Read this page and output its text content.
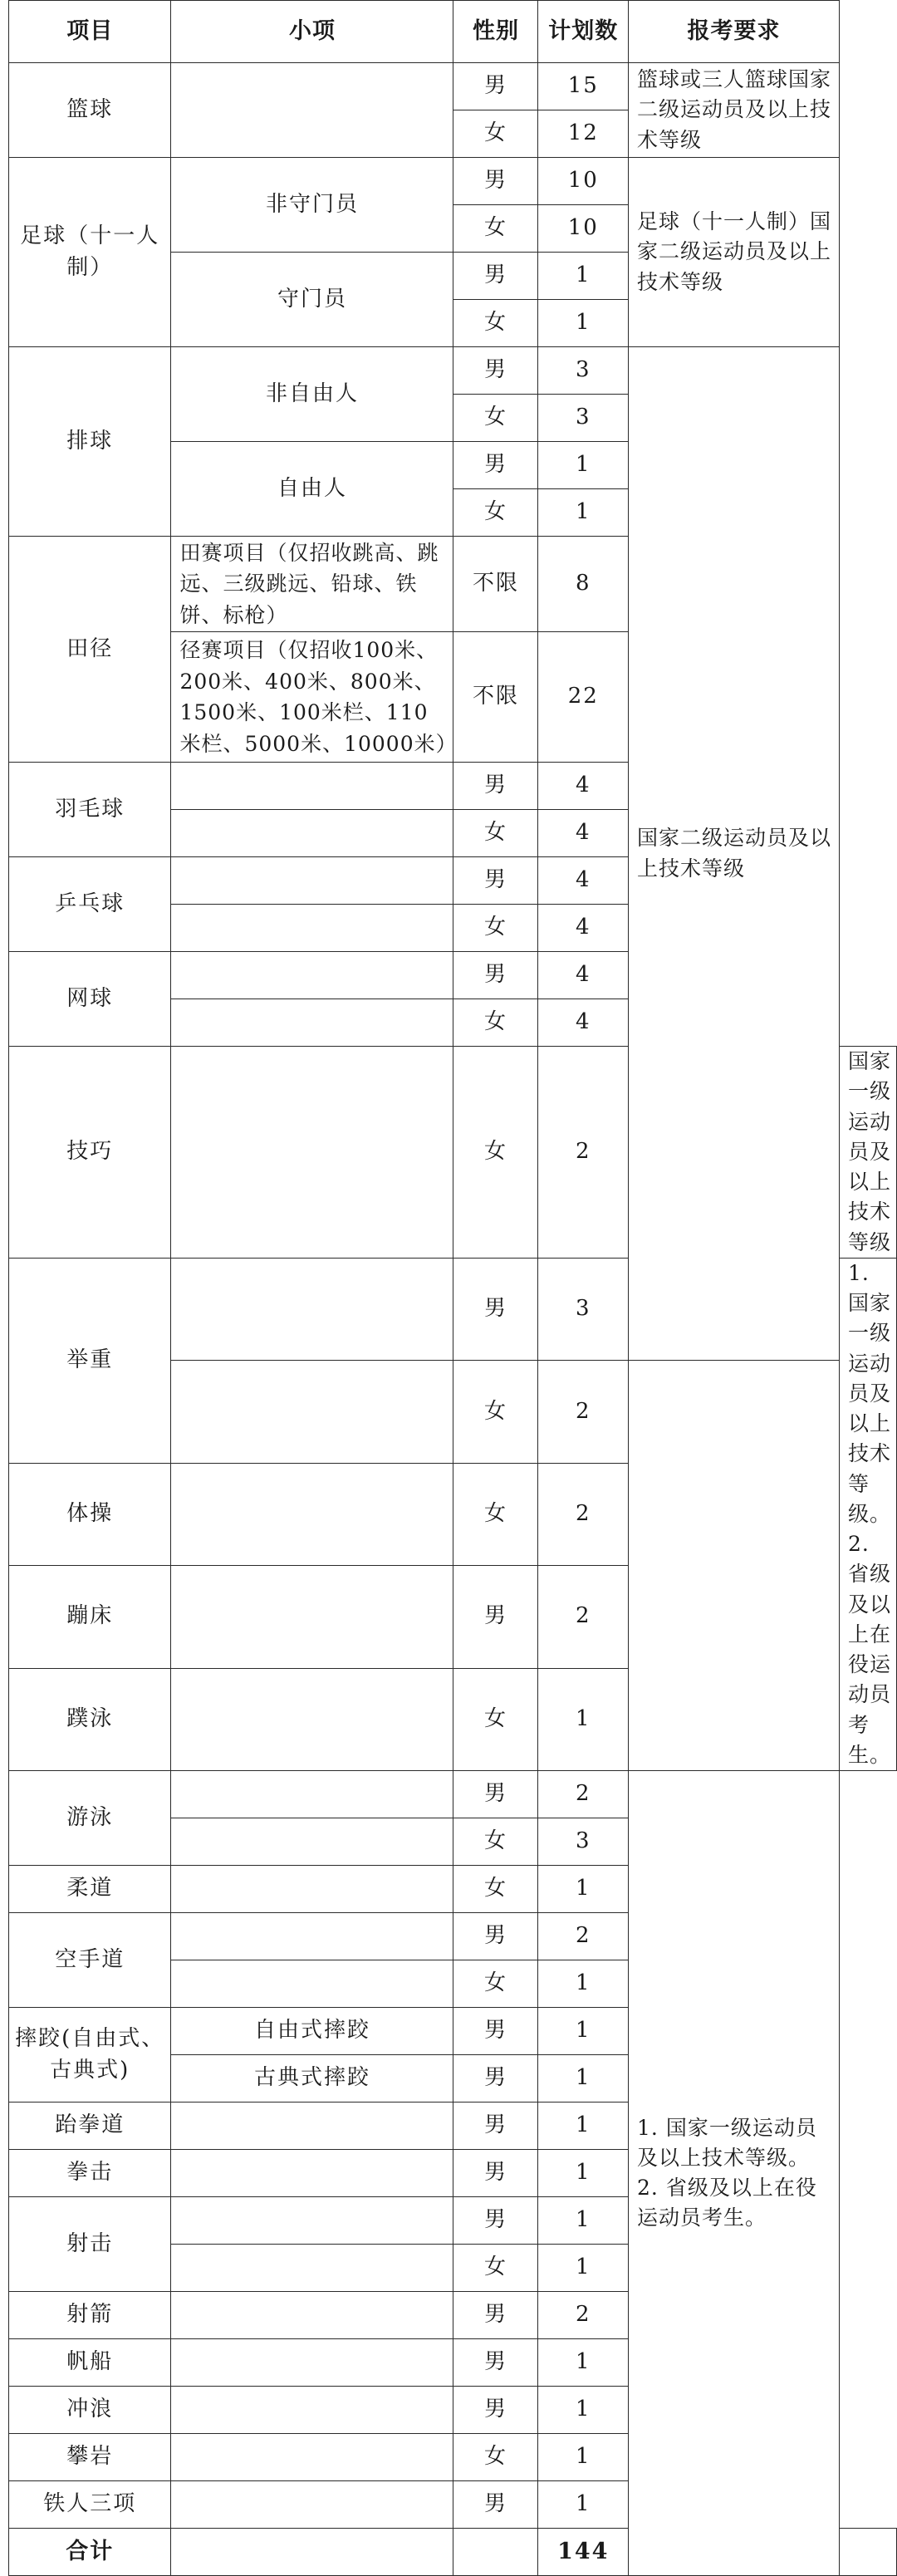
项目	小项	性别	计划数	报考要求	
篮球		男	15	篮球或三人篮球国家二级运动员及以上技术等级	
		女	12		
足球（十一人制）	非守门员	男	10	足球（十一人制）国家二级运动员及以上技术等级	
		女	10		
	守门员	男	1		
		女	1		
排球	非自由人	男	3	国家二级运动员及以上技术等级	
		女	3		
	自由人	男	1		
		女	1		
田径	田赛项目（仅招收跳高、跳远、三级跳远、铅球、铁饼、标枪）	不限	8		
	径赛项目（仅招收100米、200米、400米、800米、1500米、100米栏、110米栏、5000米、10000米）	不限	22		
羽毛球		男	4		
		女	4		
乒乓球		男	4		
		女	4		
网球		男	4		
		女	4		
技巧		女	2		国家一级运动员及以上技术等级
举重		男	3		1. 国家一级运动员及以上技术等级。
2. 省级及以上在役运动员考生。
		女	2		
体操		女	2		
蹦床		男	2		
蹼泳		女	1		
游泳		男	2	1. 国家一级运动员及以上技术等级。
2. 省级及以上在役运动员考生。	
		女	3		
柔道		女	1		
空手道		男	2		
		女	1		
摔跤(自由式、古典式)	自由式摔跤	男	1		
	古典式摔跤	男	1		
跆拳道		男	1		
拳击		男	1		
射击		男	1		
		女	1		
射箭		男	2		
帆船		男	1		
冲浪		男	1		
攀岩		女	1		
铁人三项		男	1		
合计			144		
